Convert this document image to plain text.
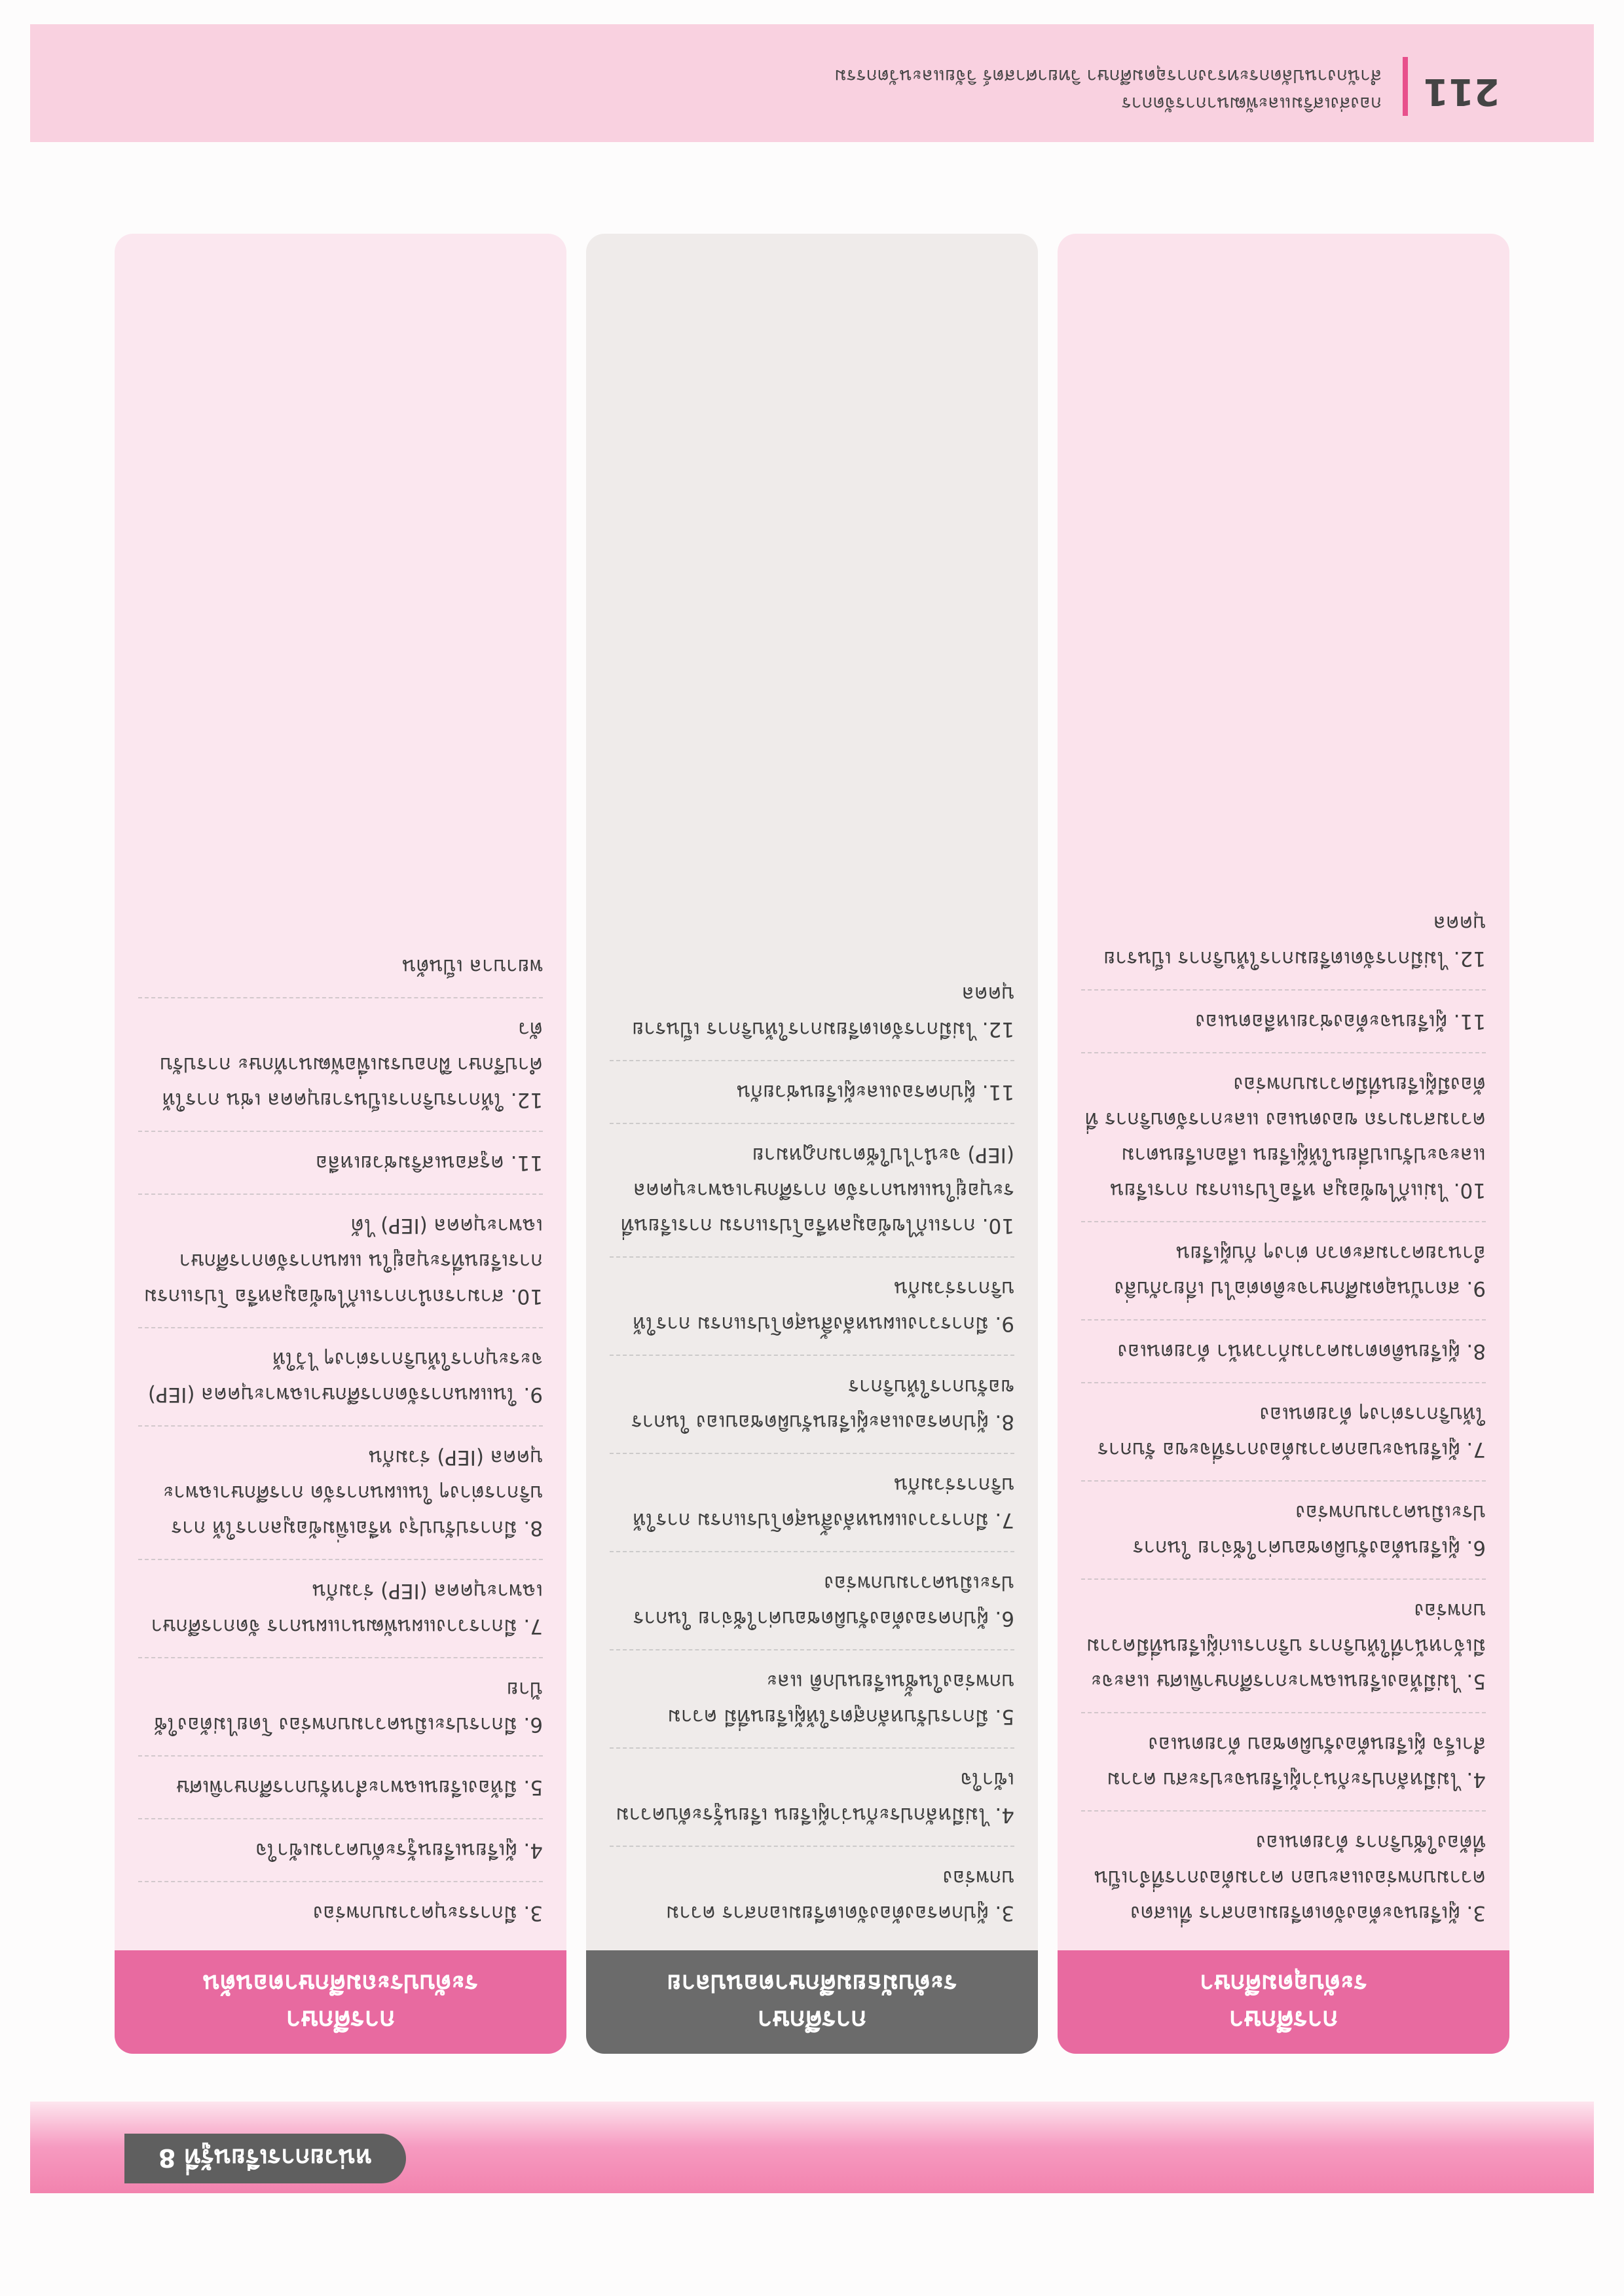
หน่วยการเรียนรู้ที่ 8
การศึกษา
ระดับอุดมศึกษา
3. ผู้เรียนจะต้องจัดเตรียมเอกสาร ที่แสดงความบกพร่องและบอก ความต้องการที่จำเป็นที่ต้องใช้บริการ ด้วยตนเอง
4. ไม่มีหลักประกันว่าผู้เรียนจะประสบ ความสำเร็จ ผู้เรียนต้องรับผิดชอบ ด้วยตนเอง
5. ไม่มีห้องเรียนเฉพาะการศึกษาพิเศษ และจะมีเจ้าหน้าที่ให้บริการ บริการแก่ผู้เรียนที่มีความบกพร่อง
6. ผู้เรียนต้องรับผิดชอบค่าใช้จ่าย ในการประเมินความบกพร่อง
7. ผู้เรียนจะบอกความต้องการที่จะขอ รับการให้บริการต่างๆ ด้วยตนเอง
8. ผู้เรียนติดตามความก้าวหน้า ด้วยตนเอง
9. สถาบันอุดมศึกษาจะติดต่อไป เกี่ยวกับสิ่งอำนวยความสะดวก ต่างๆ กับผู้เรียน
10. ไม่แก้ไขข้อมูล หรือโปรแกรม การเรียน และจะปรับเปลี่ยนให้ผู้เรียน เลือกเรียนตามความสามารถ ของตนเอง และการจัดบริการ ที่ต้องมีผู้เรียนที่มีความบกพร่อง
11. ผู้เรียนจะต้องช่วยเหลือตนเอง
12. ไม่มีการจัดเตรียมการให้บริการ เป็นรายบุคคล
การศึกษา
ระดับมัธยมศึกษาตอนปลาย
3. ผู้ปกครองต้องจัดเตรียมเอกสาร ความบกพร่อง
4. ไม่มีหลักประกันว่าผู้เรียน เรียนรู้ระดับความเข้าใจ
5. มีการปรับหลักสูตรให้ผู้เรียนที่มี ความบกพร่องในชั้นเรียนปกติ และ
6. ผู้ปกครองต้องรับผิดชอบค่าใช้จ่าย ในการประเมินความบกพร่อง
7. มีการวางแผนหลังสิ้นสุดโปรแกรม การให้บริการร่วมกัน
8. ผู้ปกครองและผู้เรียนรับผิดชอบเอง ในการขอรับการให้บริการ
9. มีการวางแผนหลังสิ้นสุดโปรแกรม การให้บริการร่วมกัน
10. การแก้ไขข้อมูลหรือโปรแกรม การเรียนที่ระบุอยู่ในแผนการจัด การศึกษาเฉพาะบุคคล (IEP) จะนำไปใช้ตามกฎหมาย
11. ผู้ปกครองและผู้เรียนช่วยกัน
12. ไม่มีการจัดเตรียมการให้บริการ เป็นรายบุคคล
การศึกษา
ระดับประถมศึกษาตอนต้น
3. มีการระบุความบกพร่อง
4. ผู้เรียนเรียนรู้ระดับความเข้าใจ
5. มีห้องเรียนเฉพาะสำหรับการศึกษาพิเศษ
6. มีการประเมินความบกพร่อง โดยไม่ต้องใช้ป้าย
7. มีการวางแผนพัฒนาแผนการ จัดการศึกษาเฉพาะบุคคล (IEP) ร่วมกัน
8. มีการปรับปรุง หรือเพิ่มข้อมูลการให้ การบริการต่างๆ ในแผนการจัด การศึกษาเฉพาะบุคคล (IEP) ร่วมกัน
9. ในแผนการจัดการศึกษาเฉพาะบุคคล (IEP) จะระบุการให้บริการต่างๆ ไว้ให้
10. สามารถนำการแก้ไขข้อมูลหรือ โปรแกรมการเรียนที่ระบุอยู่ใน แผนการจัดการศึกษาเฉพาะบุคคล (IEP) ได้
11. ครูสอนเสริมช่วยเหลือ
12. ให้การบริการเป็นรายบุคคล เช่น การให้คำปรึกษา ฝึกอบรมเพื่อพัฒนาทักษะ การปรับตัว
พยาบาล เป็นต้น
211
กองส่งเสริมและพัฒนาการจัดการ
สำนักงานปลัดกระทรวงการอุดมศึกษา วิทยาศาสตร์ วิจัยและนวัตกรรม
